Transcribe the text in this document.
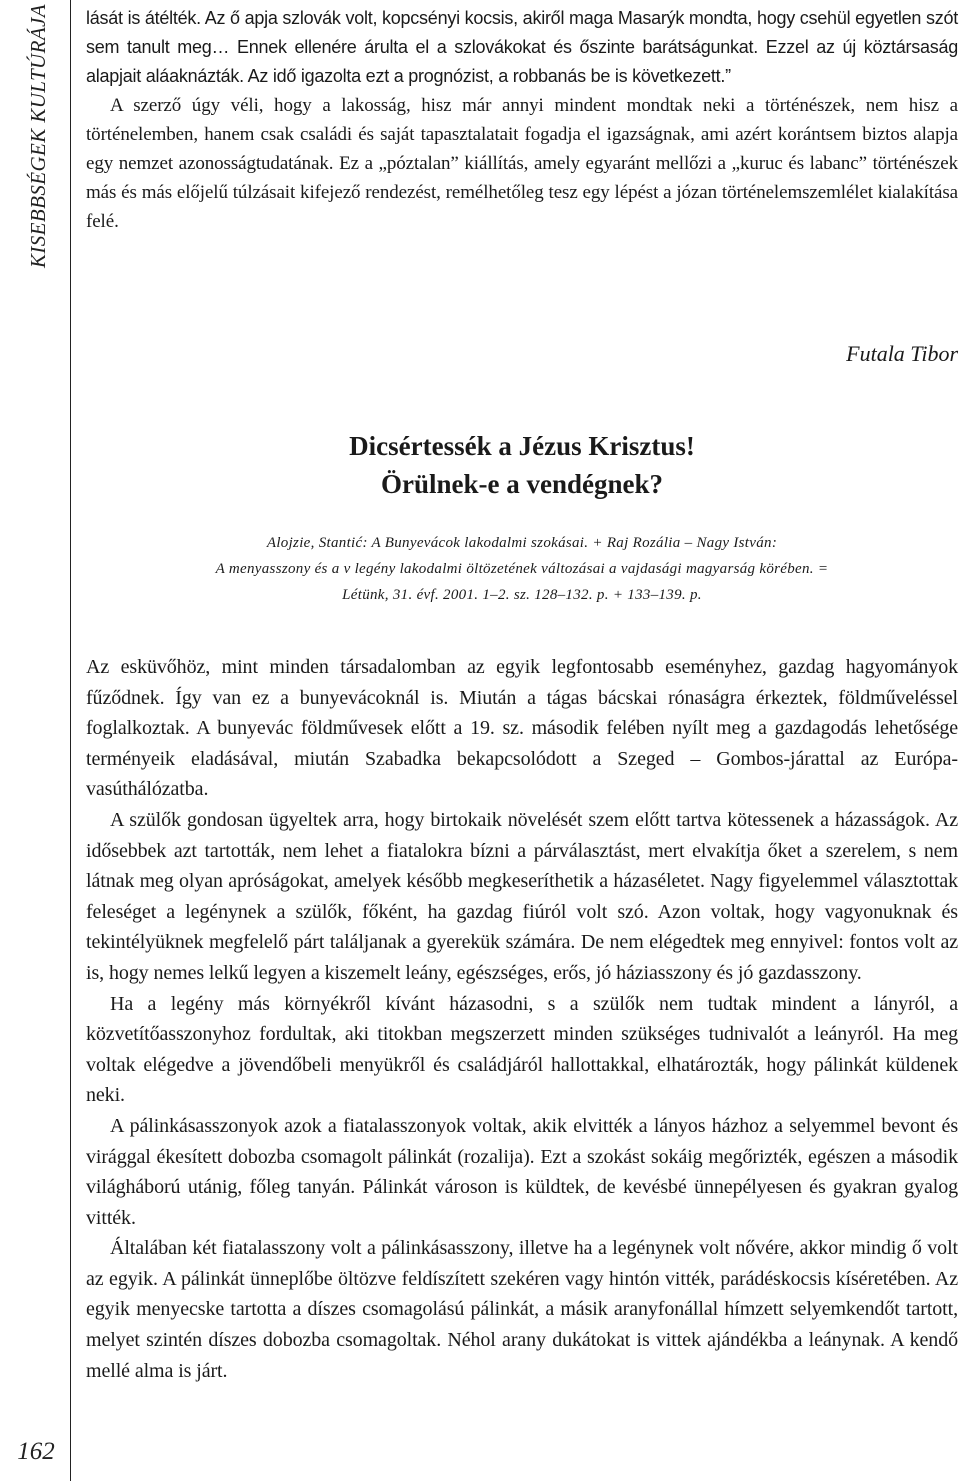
KISEBBSÉGEK KULTÚRÁJA
162

lását is átélték. Az ő apja szlovák volt, kopcsényi kocsis, akiről maga Masarýk mondta, hogy csehül egyetlen szót sem tanult meg… Ennek ellenére árulta el a szlovákokat és őszinte barátságunkat. Ezzel az új köztársaság alapjait aláaknázták. Az idő igazolta ezt a prognózist, a robbanás be is következett.”

A szerző úgy véli, hogy a lakosság, hisz már annyi mindent mondtak neki a történészek, nem hisz a történelemben, hanem csak családi és saját tapasztalatait fogadja el igazságnak, ami azért korántsem biztos alapja egy nemzet azonosságtudatának. Ez a „póztalan” kiállítás, amely egyaránt mellőzi a „kuruc és labanc” történészek más és más előjelű túlzásait kifejező rendezést, remélhetőleg tesz egy lépést a józan történelemszemlélet kialakítása felé.

Futala Tibor
Dicsértessék a Jézus Krisztus!
Örülnek-e a vendégnek?
Alojzie, Stantić: A Bunyevácok lakodalmi szokásai. + Raj Rozália – Nagy István:
A menyasszony és a v legény lakodalmi öltözetének változásai a vajdasági magyarság körében. =
Létünk, 31. évf. 2001. 1–2. sz. 128–132. p. + 133–139. p.

Az esküvőhöz, mint minden társadalomban az egyik legfontosabb eseményhez, gazdag hagyományok fűződnek. Így van ez a bunyevácoknál is. Miután a tágas bácskai rónaságra érkeztek, földműveléssel foglalkoztak. A bunyevác földművesek előtt a 19. sz. második felében nyílt meg a gazdagodás lehetősége terményeik eladásával, miután Szabadka bekapcsolódott a Szeged – Gombos-járattal az Európa-vasúthálózatba.

A szülők gondosan ügyeltek arra, hogy birtokaik növelését szem előtt tartva kötessenek a házasságok. Az idősebbek azt tartották, nem lehet a fiatalokra bízni a párválasztást, mert elvakítja őket a szerelem, s nem látnak meg olyan apróságokat, amelyek később megkeseríthetik a házaséletet. Nagy figyelemmel választottak feleséget a legénynek a szülők, főként, ha gazdag fiúról volt szó. Azon voltak, hogy vagyonuknak és tekintélyüknek megfelelő párt találjanak a gyerekük számára. De nem elégedtek meg ennyivel: fontos volt az is, hogy nemes lelkű legyen a kiszemelt leány, egészséges, erős, jó háziasszony és jó gazdasszony.

Ha a legény más környékről kívánt házasodni, s a szülők nem tudtak mindent a lányról, a közvetítőasszonyhoz fordultak, aki titokban megszerzett minden szükséges tudnivalót a leányról. Ha meg voltak elégedve a jövendőbeli menyükről és családjáról hallottakkal, elhatározták, hogy pálinkát küldenek neki.

A pálinkásasszonyok azok a fiatalasszonyok voltak, akik elvitték a lányos házhoz a selyemmel bevont és virággal ékesített dobozba csomagolt pálinkát (rozalija). Ezt a szokást sokáig megőrizték, egészen a második világháború utánig, főleg tanyán. Pálinkát városon is küldtek, de kevésbé ünnepélyesen és gyakran gyalog vitték.

Általában két fiatalasszony volt a pálinkásasszony, illetve ha a legénynek volt nővére, akkor mindig ő volt az egyik. A pálinkát ünneplőbe öltözve feldíszített szekéren vagy hintón vitték, parádéskocsis kíséretében. Az egyik menyecske tartotta a díszes csomagolású pálinkát, a másik aranyfonállal hímzett selyemkendőt tartott, melyet szintén díszes dobozba csomagoltak. Néhol arany dukátokat is vittek ajándékba a leánynak. A kendő mellé alma is járt.
